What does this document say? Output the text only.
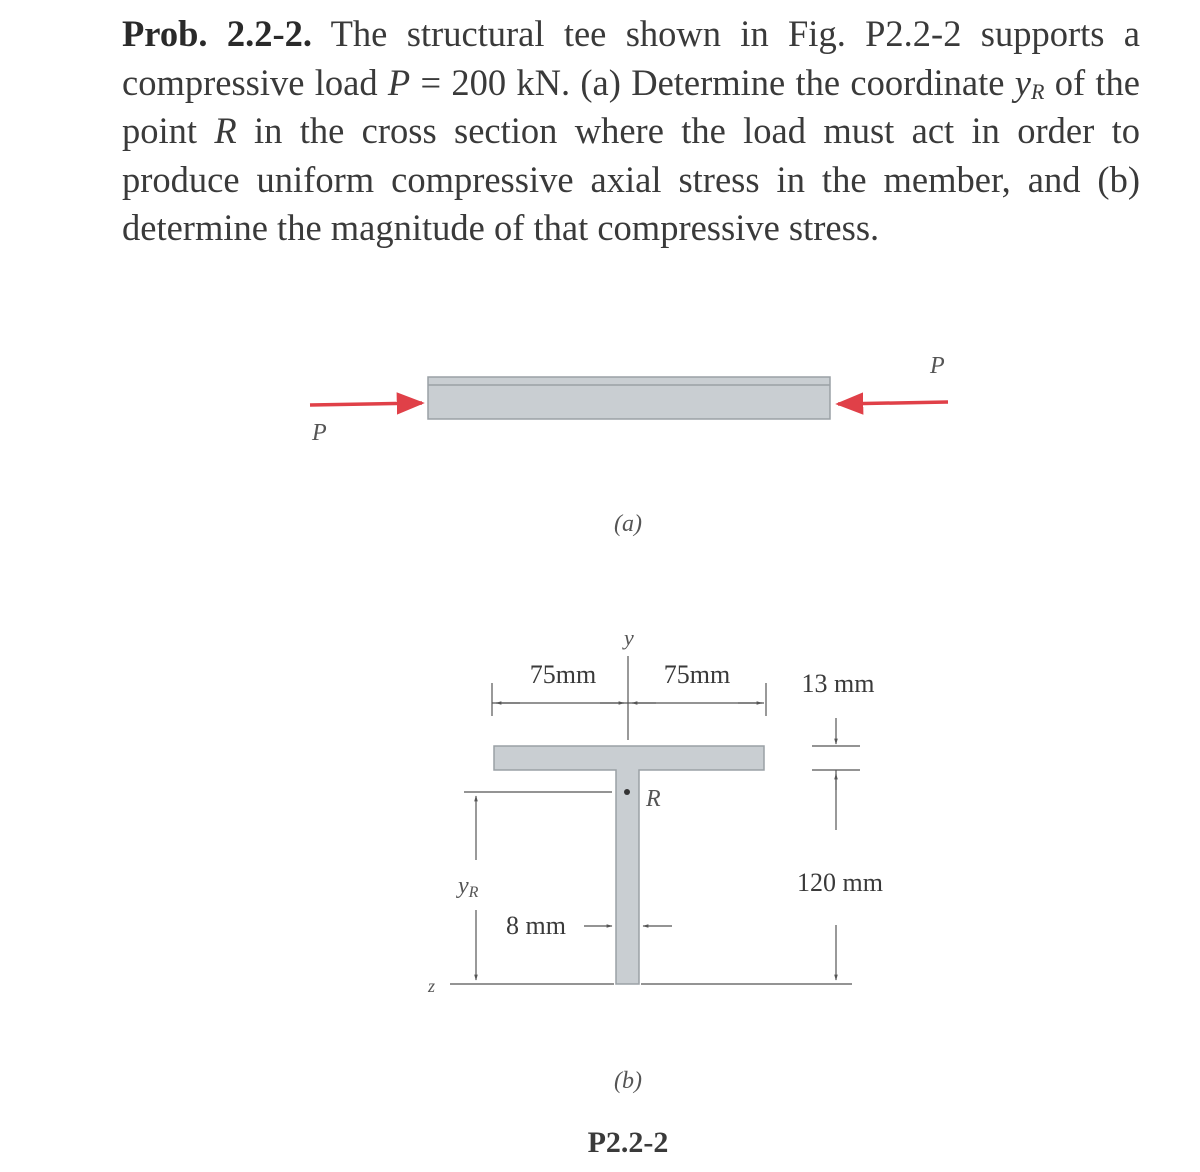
Prob. 2.2-2. The structural tee shown in Fig. P2.2-2 supports a compressive load P = 200 kN. (a) Determine the coordinate $y_R$ of the point R in the cross section where the load must act in order to produce uniform compressive axial stress in the member, and (b) determine the magnitude of that compressive stress.

P
P
(a)
y
75mm	75mm	13 mm
120 mm
z
yR
R
8 mm
(b)
P2.2-2
